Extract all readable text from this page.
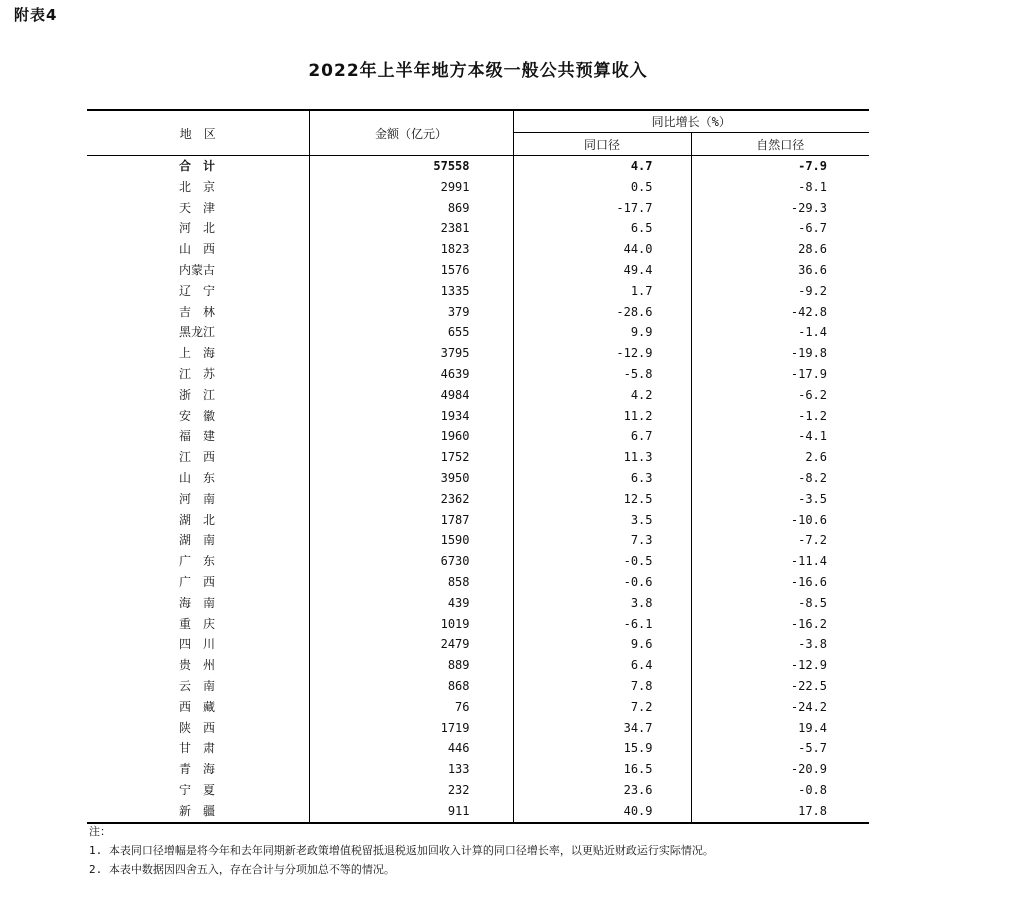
附表4
2022年上半年地方本级一般公共预算收入
地　区	金额（亿元）	同比增长（%）	
		同口径	自然口径
合　计	57558	4.7	-7.9
北　京	2991	0.5	-8.1
天　津	869	-17.7	-29.3
河　北	2381	6.5	-6.7
山　西	1823	44.0	28.6
内蒙古	1576	49.4	36.6
辽　宁	1335	1.7	-9.2
吉　林	379	-28.6	-42.8
黑龙江	655	9.9	-1.4
上　海	3795	-12.9	-19.8
江　苏	4639	-5.8	-17.9
浙　江	4984	4.2	-6.2
安　徽	1934	11.2	-1.2
福　建	1960	6.7	-4.1
江　西	1752	11.3	2.6
山　东	3950	6.3	-8.2
河　南	2362	12.5	-3.5
湖　北	1787	3.5	-10.6
湖　南	1590	7.3	-7.2
广　东	6730	-0.5	-11.4
广　西	858	-0.6	-16.6
海　南	439	3.8	-8.5
重　庆	1019	-6.1	-16.2
四　川	2479	9.6	-3.8
贵　州	889	6.4	-12.9
云　南	868	7.8	-22.5
西　藏	76	7.2	-24.2
陕　西	1719	34.7	19.4
甘　肃	446	15.9	-5.7
青　海	133	16.5	-20.9
宁　夏	232	23.6	-0.8
新　疆	911	40.9	17.8
注：
1. 本表同口径增幅是将今年和去年同期新老政策增值税留抵退税返加回收入计算的同口径增长率，以更贴近财政运行实际情况。
2. 本表中数据因四舍五入，存在合计与分项加总不等的情况。
